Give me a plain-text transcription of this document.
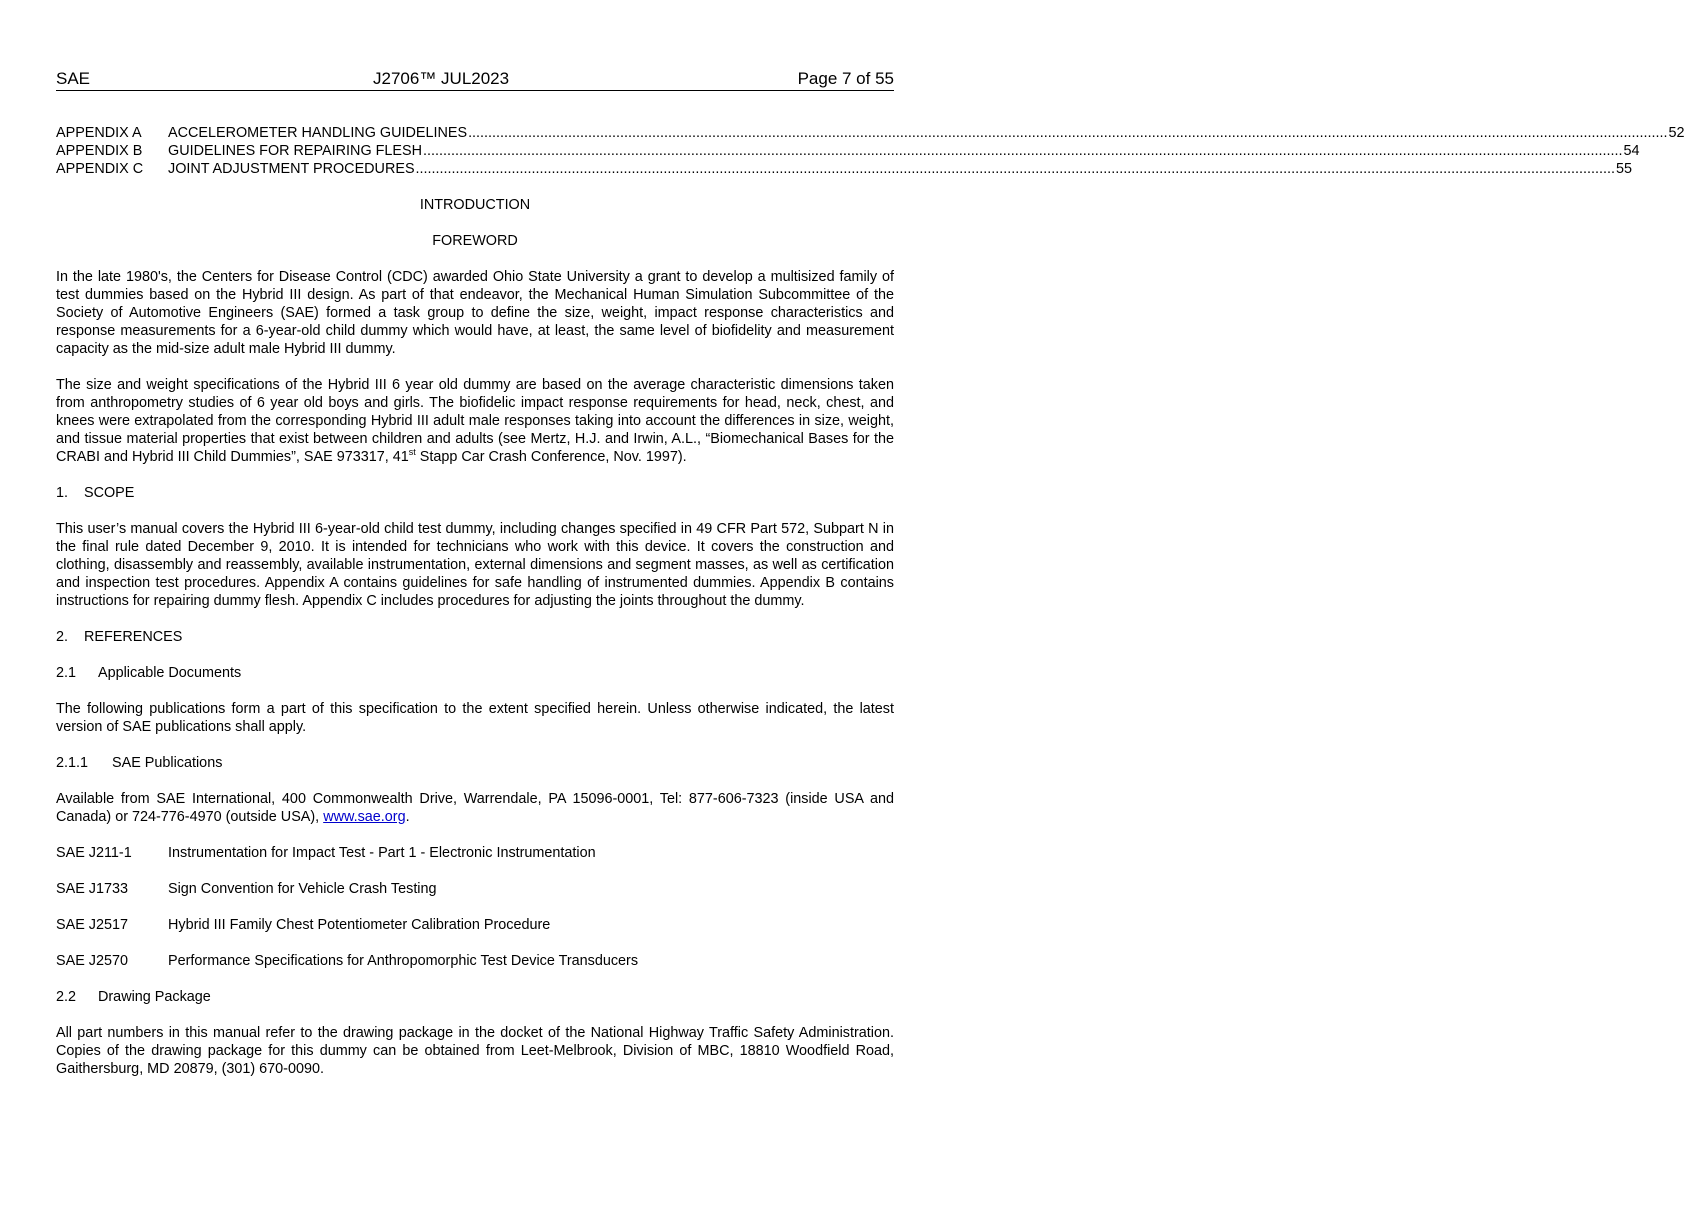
SAE	J2706™ JUL2023	Page 7 of 55
APPENDIX A	ACCELEROMETER HANDLING GUIDELINES ............................................................................................................................................................................................................................................................................................................ 52
APPENDIX B	GUIDELINES FOR REPAIRING FLESH ............................................................................................................................................................................................................................................................................................................ 54
APPENDIX C	JOINT ADJUSTMENT PROCEDURES ............................................................................................................................................................................................................................................................................................................ 55
INTRODUCTION
FOREWORD

In the late 1980's, the Centers for Disease Control (CDC) awarded Ohio State University a grant to develop a multisized family of test dummies based on the Hybrid III design. As part of that endeavor, the Mechanical Human Simulation Subcommittee of the Society of Automotive Engineers (SAE) formed a task group to define the size, weight, impact response characteristics and response measurements for a 6-year-old child dummy which would have, at least, the same level of biofidelity and measurement capacity as the mid-size adult male Hybrid III dummy.

The size and weight specifications of the Hybrid III 6 year old dummy are based on the average characteristic dimensions taken from anthropometry studies of 6 year old boys and girls. The biofidelic impact response requirements for head, neck, chest, and knees were extrapolated from the corresponding Hybrid III adult male responses taking into account the differences in size, weight, and tissue material properties that exist between children and adults (see Mertz, H.J. and Irwin, A.L., “Biomechanical Bases for the CRABI and Hybrid III Child Dummies”, SAE 973317, 41st Stapp Car Crash Conference, Nov. 1997).

1. SCOPE

This user’s manual covers the Hybrid III 6-year-old child test dummy, including changes specified in 49 CFR Part 572, Subpart N in the final rule dated December 9, 2010. It is intended for technicians who work with this device. It covers the construction and clothing, disassembly and reassembly, available instrumentation, external dimensions and segment masses, as well as certification and inspection test procedures. Appendix A contains guidelines for safe handling of instrumented dummies. Appendix B contains instructions for repairing dummy flesh. Appendix C includes procedures for adjusting the joints throughout the dummy.

2. REFERENCES
2.1 Applicable Documents

The following publications form a part of this specification to the extent specified herein. Unless otherwise indicated, the latest version of SAE publications shall apply.

2.1.1 SAE Publications

Available from SAE International, 400 Commonwealth Drive, Warrendale, PA 15096-0001, Tel: 877-606-7323 (inside USA and Canada) or 724-776-4970 (outside USA), www.sae.org.

SAE J211-1	Instrumentation for Impact Test - Part 1 - Electronic Instrumentation
SAE J1733	Sign Convention for Vehicle Crash Testing
SAE J2517	Hybrid III Family Chest Potentiometer Calibration Procedure
SAE J2570	Performance Specifications for Anthropomorphic Test Device Transducers
2.2 Drawing Package

All part numbers in this manual refer to the drawing package in the docket of the National Highway Traffic Safety Administration. Copies of the drawing package for this dummy can be obtained from Leet-Melbrook, Division of MBC, 18810 Woodfield Road, Gaithersburg, MD 20879, (301) 670-0090.
